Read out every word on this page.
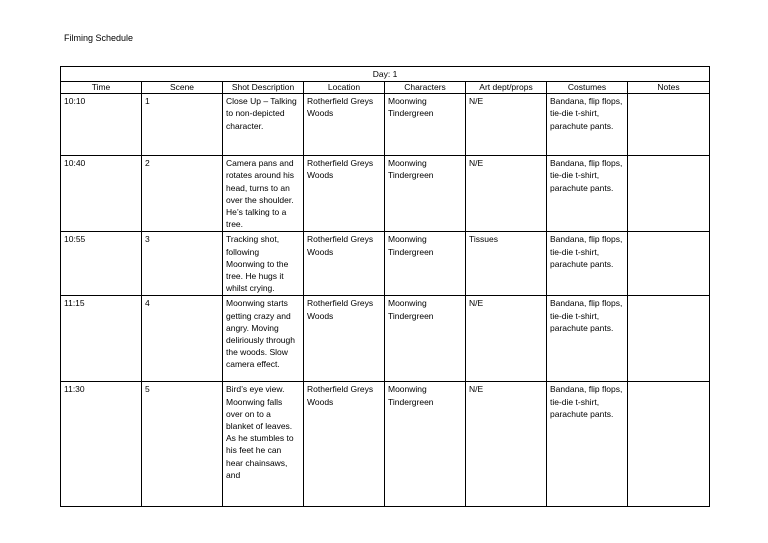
Filming Schedule
Day: 1							
Time	Scene	Shot Description	Location	Characters	Art dept/props	Costumes	Notes
10:10	1	Close Up – Talking to non-depicted character.	Rotherfield Greys Woods	Moonwing Tindergreen	N/E	Bandana, flip flops, tie-die t-shirt, parachute pants.	
10:40	2	Camera pans and rotates around his head, turns to an over the shoulder. He’s talking to a tree.	Rotherfield Greys Woods	Moonwing Tindergreen	N/E	Bandana, flip flops, tie-die t-shirt, parachute pants.	
10:55	3	Tracking shot, following Moonwing to the tree. He hugs it whilst crying.	Rotherfield Greys Woods	Moonwing Tindergreen	Tissues	Bandana, flip flops, tie-die t-shirt, parachute pants.	
11:15	4	Moonwing starts getting crazy and angry. Moving deliriously through the woods. Slow camera effect.	Rotherfield Greys Woods	Moonwing Tindergreen	N/E	Bandana, flip flops, tie-die t-shirt, parachute pants.	
11:30	5	Bird’s eye view. Moonwing falls over on to a blanket of leaves. As he stumbles to his feet he can hear chainsaws, and	Rotherfield Greys Woods	Moonwing Tindergreen	N/E	Bandana, flip flops, tie-die t-shirt, parachute pants.	
